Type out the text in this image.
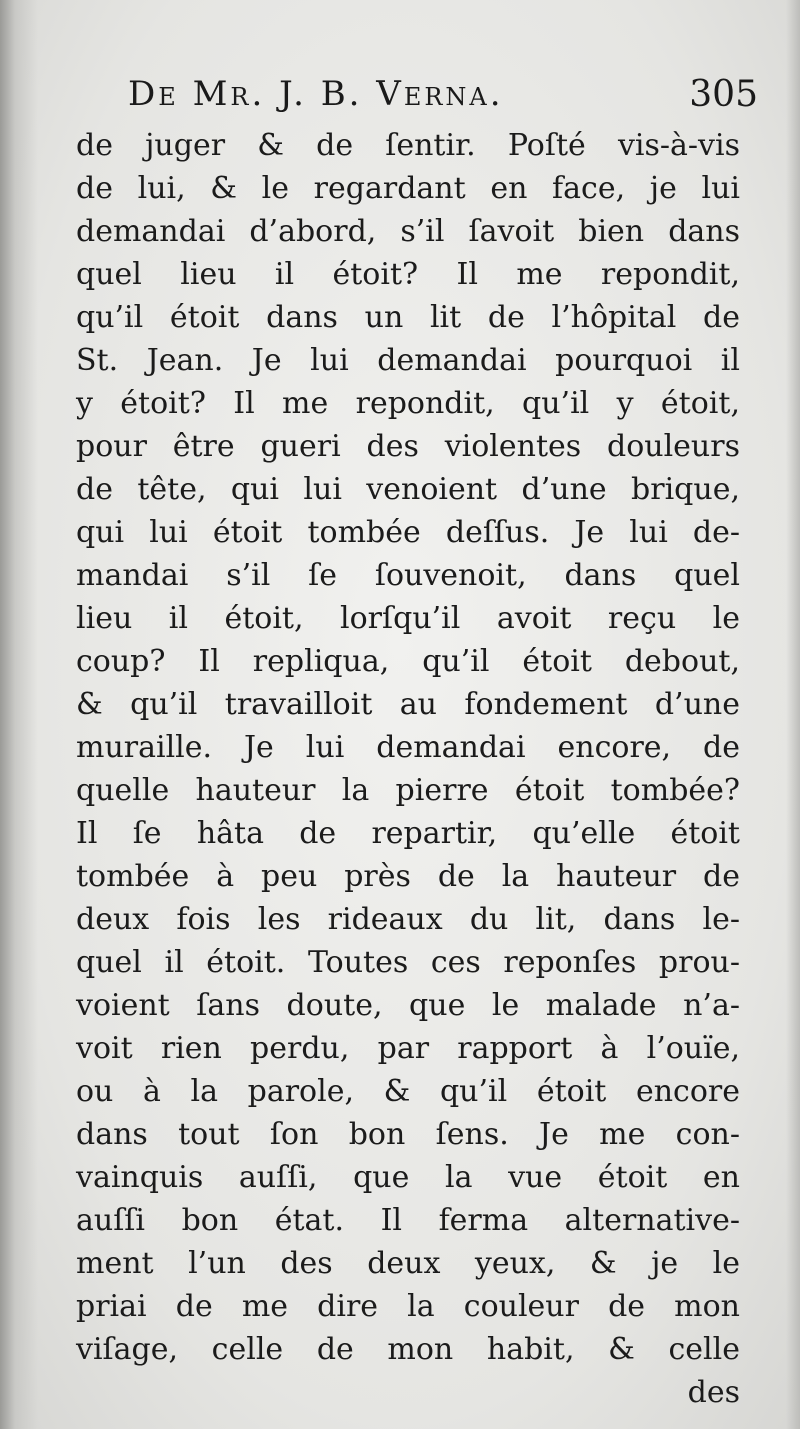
De Mr. J. B. Verna.	305
de juger & de ſentir. Poſté vis-à-vis
de lui, & le regardant en face, je lui
demandai d’abord, s’il ſavoit bien dans
quel lieu il étoit? Il me repondit,
qu’il étoit dans un lit de l’hôpital de
St. Jean. Je lui demandai pourquoi il
y étoit? Il me repondit, qu’il y étoit,
pour être gueri des violentes douleurs
de tête, qui lui venoient d’une brique,
qui lui étoit tombée deſſus. Je lui de-
mandai s’il ſe ſouvenoit, dans quel
lieu il étoit, lorſqu’il avoit reçu le
coup? Il repliqua, qu’il étoit debout,
& qu’il travailloit au fondement d’une
muraille. Je lui demandai encore, de
quelle hauteur la pierre étoit tombée?
Il ſe hâta de repartir, qu’elle étoit
tombée à peu près de la hauteur de
deux fois les rideaux du lit, dans le-
quel il étoit. Toutes ces reponſes prou-
voient ſans doute, que le malade n’a-
voit rien perdu, par rapport à l’ouïe,
ou à la parole, & qu’il étoit encore
dans tout ſon bon ſens. Je me con-
vainquis auſſi, que la vue étoit en
auſſi bon état. Il ferma alternative-
ment l’un des deux yeux, & je le
priai de me dire la couleur de mon
viſage, celle de mon habit, & celle
des
